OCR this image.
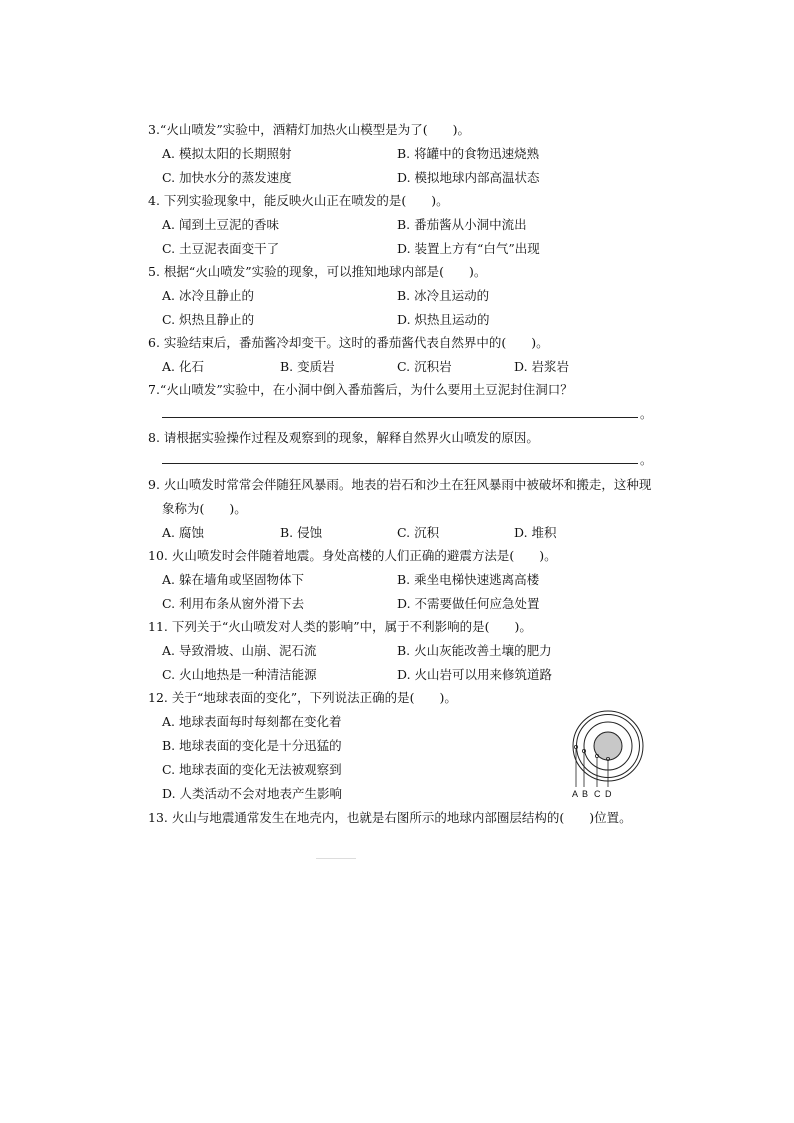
3.“火山喷发”实验中，酒精灯加热火山模型是为了(　　)。
A. 模拟太阳的长期照射	B. 将罐中的食物迅速烧熟
C. 加快水分的蒸发速度	D. 模拟地球内部高温状态
4. 下列实验现象中，能反映火山正在喷发的是(　　)。
A. 闻到土豆泥的香味	B. 番茄酱从小洞中流出
C. 土豆泥表面变干了	D. 装置上方有“白气”出现
5. 根据“火山喷发”实验的现象，可以推知地球内部是(　　)。
A. 冰冷且静止的	B. 冰冷且运动的
C. 炽热且静止的	D. 炽热且运动的
6. 实验结束后，番茄酱冷却变干。这时的番茄酱代表自然界中的(　　)。
A. 化石	B. 变质岩	C. 沉积岩	D. 岩浆岩
7.“火山喷发”实验中，在小洞中倒入番茄酱后，为什么要用土豆泥封住洞口？
。
8. 请根据实验操作过程及观察到的现象，解释自然界火山喷发的原因。
。
9. 火山喷发时常常会伴随狂风暴雨。地表的岩石和沙土在狂风暴雨中被破坏和搬走，这种现
象称为(　　)。
A. 腐蚀	B. 侵蚀	C. 沉积	D. 堆积
10. 火山喷发时会伴随着地震。身处高楼的人们正确的避震方法是(　　)。
A. 躲在墙角或坚固物体下	B. 乘坐电梯快速逃离高楼
C. 利用布条从窗外滑下去	D. 不需要做任何应急处置
11. 下列关于“火山喷发对人类的影响”中，属于不利影响的是(　　)。
A. 导致滑坡、山崩、泥石流	B. 火山灰能改善土壤的肥力
C. 火山地热是一种清洁能源	D. 火山岩可以用来修筑道路
12. 关于“地球表面的变化”，下列说法正确的是(　　)。
A. 地球表面每时每刻都在变化着
B. 地球表面的变化是十分迅猛的
C. 地球表面的变化无法被观察到
D. 人类活动不会对地表产生影响	A B C D
13. 火山与地震通常发生在地壳内，也就是右图所示的地球内部圈层结构的(　　)位置。
